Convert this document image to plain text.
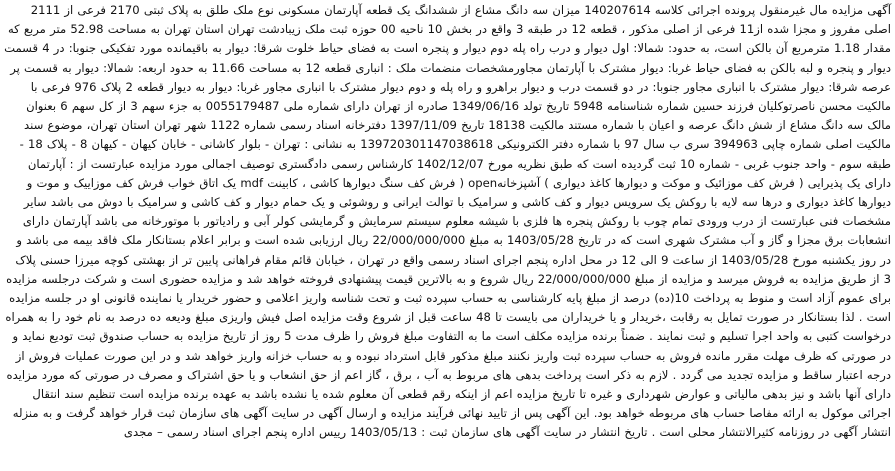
آگهی مزایده مال غیرمنقول پرونده اجرائی کلاسه 140207614 میزان سه دانگ مشاع از ششدانگ یک قطعه آپارتمان مسکونی نوع ملک طلق به پلاک ثبتی 2170 فرعی از 2111 اصلی مفروز و مجزا شده از11 فرعی از اصلی مذکور ، قطعه 12 در طبقه 3 واقع در بخش 10 ناحیه 00 حوزه ثبت ملک زیبادشت تهران استان تهران به مساحت 52.98 متر مربع که مقدار 1.18 مترمربع آن بالکن است، به حدود: شمالا: اول دیوار و درب راه پله دوم دیوار و پنجره است به فضای حیاط خلوت شرقا: دیوار به باقیمانده مورد تفکیکی جنوبا: در 4 قسمت دیوار و پنجره و لبه بالکن به فضای حیاط غربا: دیوار مشترک با آپارتمان مجاورمشخصات منضمات ملک : انباری قطعه 12 به مساحت 11.66 به حدود اربعه: شمالا: دیوار به قسمت پر عرصه شرقا: دیوار مشترک با انباری مجاور جنوبا: در دو قسمت درب و دیوار براهرو و راه پله و دوم دیوار مشترک با انباری مجاور غربا: دیوار به دیوار قطعه 2 پلاک 976 فرعی با مالکیت محسن ناصرتوکلیان فرزند حسین شماره شناسنامه 5948 تاریخ تولد 1349/06/16 صادره از تهران دارای شماره ملی 0055179487 به جزء سهم 3 از کل سهم 6 بعنوان مالک سه دانگ مشاع از شش دانگ عرصه و اعیان با شماره مستند مالکیت 18138 تاریخ 1397/11/09 دفترخانه اسناد رسمی شماره 1122 شهر تهران استان تهران، موضوع سند مالکیت اصلی شماره چاپی 394963 سری ب سال 97 با شماره دفتر الکترونیکی 139720301147038618 به نشانی : تهران - بلوار کاشانی - خابان کیهان - کیهان 8 - پلاک 18 - طبقه سوم - واحد جنوب غربی - شماره 10 ثبت گردیده است که طبق نظریه مورخ 1402/12/07 کارشناس رسمی دادگستری توصیف اجمالی مورد مزایده عبارتست از : آپارتمان دارای یک پذیرایی ( فرش کف موزائیک و موکت و دیوارها کاغذ دیواری ) آشپزخانهopen ( فرش کف سنگ دیوارها کاشی ، کابینت mdf یک اتاق خواب فرش کف موزاییک و موت و دیوارها کاغذ دیواری و درها سه لایه با روکش یک سرویس دیوار و کف کاشی و سرامیک با توالت ایرانی و روشوئی و یک حمام دیوار و کف کاشی و سرامیک با دوش می باشد سایر مشخصات فنی عبارتست از درب ورودی تمام چوب با روکش پنجره ها فلزی با شیشه معلوم سیستم سرمایش و گرمایشی کولر آبی و رادیاتور با موتورخانه می باشد آپارتمان دارای انشعابات برق مجزا و گاز و آب مشترک شهری است که در تاریخ 1403/05/28 به مبلغ 22/000/000/000 ریال ارزیابی شده است و برابر اعلام بستانکار ملک فاقد بیمه می باشد و در روز یکشنبه مورخ 1403/05/28 از ساعت 9 الی 12 در محل اداره پنجم اجرای اسناد رسمی واقع در تهران ، خیابان قائم مقام فراهانی پایین تر از بهشتی کوچه میرزا حسنی پلاک 3 از طریق مزایده به فروش میرسد و مزایده از مبلغ 22/000/000/000 ریال شروع و به بالاترین قیمت پیشنهادی فروخته خواهد شد و مزایده حضوری است و شرکت درجلسه مزایده برای عموم آزاد است و منوط به پرداخت 10(ده) درصد از مبلغ پایه کارشناسی به حساب سپرده ثبت و تحت شناسه واریز اعلامی و حضور خریدار یا نماینده قانونی او در جلسه مزایده است . لذا بستانکار در صورت تمایل به رقابت ،خریدار و یا خریداران می بایست تا 48 ساعت قبل از شروع وقت مزایده اصل فیش واریزی مبلغ ودیعه ده درصد به نام خود را به همراه درخواست کتبی به واحد اجرا تسلیم و ثبت نمایند . ضمناً برنده مزایده مکلف است ما به التفاوت مبلغ فروش را ظرف مدت 5 روز از تاریخ مزایده به حساب صندوق ثبت تودیع نماید و در صورتی که ظرف مهلت مقرر مانده فروش به حساب سپرده ثبت واریز نکنند مبلغ مذکور قابل استرداد نبوده و به حساب خزانه واریز خواهد شد و در این صورت عملیات فروش از درجه اعتبار ساقط و مزایده تجدید می گردد . لازم به ذکر است پرداخت بدهی های مربوط به آب ، برق ، گاز اعم از حق انشعاب و یا حق اشتراک و مصرف در صورتی که مورد مزایده دارای آنها باشد و نیز بدهی مالیاتی و عوارض شهرداری و غیره تا تاریخ مزایده اعم از اینکه رقم قطعی آن معلوم شده یا نشده باشد به عهده برنده مزایده است تنظیم سند انتقال اجرائی موکول به ارائه مفاصا حساب های مربوطه خواهد بود. این آگهی پس از تایید نهائی فرآیند مزایده و ارسال آگهی در سایت آگهی های سازمان ثبت قرار خواهد گرفت و به منزله انتشار آگهی در روزنامه کثیرالانتشار محلی است . تاریخ انتشار در سایت آگهی های سازمان ثبت : 1403/05/13 رییس اداره پنجم اجرای اسناد رسمی – مجدی
